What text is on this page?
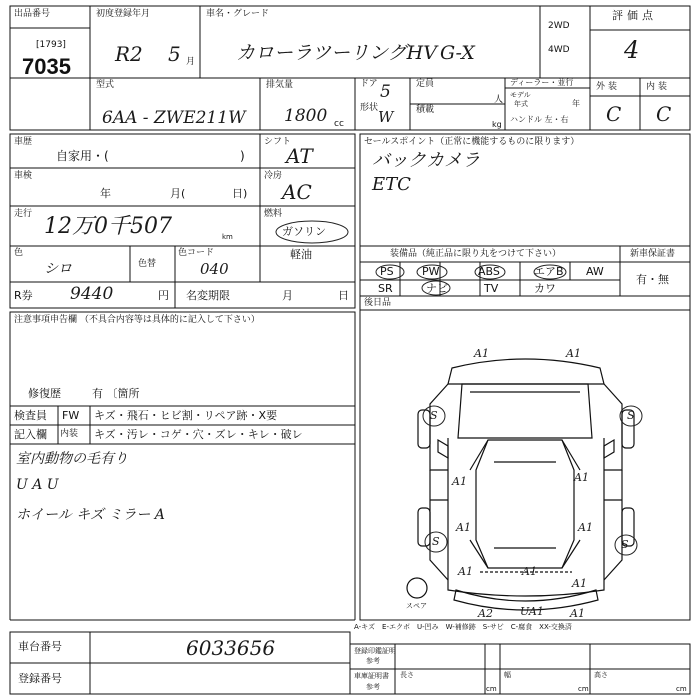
出品番号
[1793]
7035
初度登録年月
R2 5 月
車名・グレード
カローラツーリングHV G-X
2WD
4WD
評価点
4
型式
6AA - ZWE211W
排気量
1800 cc
ドア 5
形状 W
定員
人
積載
kg
ディーラー・並行
モデル
年式	年
ハンドル 左・右
外装	内装
C C
車歴
自家用・(	)
車検
年	月(	日)
走行 12万0千507	km
色
シロ	色替
色コード
040
シフト
AT
冷房
AC
燃料
ガソリン
軽油
R券 9440	円 名変期限	月	日
セールスポイント（正常に機能するものに限ります）
バックカメラ
ETC
装備品（純正品に限り丸をつけて下さい）
PS	PW	ABS	エアB AW
SR	ナビ	TV	カワ
新車保証書
有・無
後日品
A1	A1
S	S
A1	A1
A1
S	S
A1
A1	A1
A1
A2 UA1 A1
スペア
A-キズ　E-エクボ　U-凹み　W-補修跡　S-サビ　C-腐食　XX-交換済
注意事項申告欄 （不具合内容等は具体的に記入して下さい）
修復歴	有 〔箇所
検査員
記入欄
FW キズ・飛石・ヒビ割・リペア跡・X要
内装 キズ・汚レ・コゲ・穴・ズレ・キレ・破レ
室内動物の毛有り
U A U
ホイール キズ ミラー A
車台番号	6033656
登録番号
登録印鑑証明
参考
車庫証明書
参考
長さ
cm
幅
cm
高さ
cm
